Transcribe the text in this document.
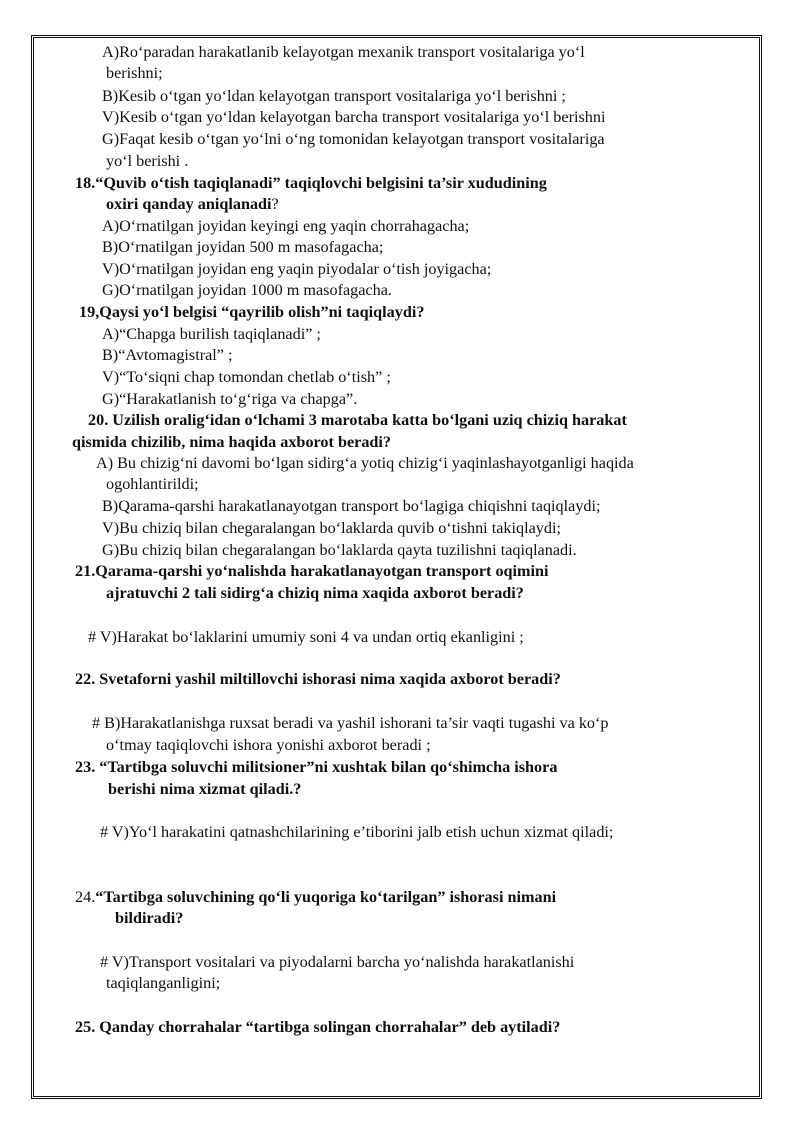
A)Ro‘paradan harakatlanib kelayotgan mexanik transport vositalariga yo‘l
berishni;
B)Kesib o‘tgan yo‘ldan kelayotgan transport vositalariga yo‘l berishni ;
V)Kesib o‘tgan yo‘ldan kelayotgan barcha transport vositalariga yo‘l berishni
G)Faqat kesib o‘tgan yo‘lni o‘ng tomonidan kelayotgan transport vositalariga
yo‘l berishi .
18.“Quvib o‘tish taqiqlanadi” taqiqlovchi belgisini ta’sir xududining
oxiri qanday aniqlanadi?
A)O‘rnatilgan joyidan keyingi eng yaqin chorrahagacha;
B)O‘rnatilgan joyidan 500 m masofagacha;
V)O‘rnatilgan joyidan eng yaqin piyodalar o‘tish joyigacha;
G)O‘rnatilgan joyidan 1000 m masofagacha.
19,Qaysi yo‘l belgisi “qayrilib olish”ni taqiqlaydi?
A)“Chapga burilish taqiqlanadi” ;
B)“Avtomagistral” ;
V)“To‘siqni chap tomondan chetlab o‘tish” ;
G)“Harakatlanish to‘g‘riga va chapga”.
20. Uzilish oralig‘idan o‘lchami 3 marotaba katta bo‘lgani uziq chiziq harakat
qismida chizilib, nima haqida axborot beradi?
A) Bu chizig‘ni davomi bo‘lgan sidirg‘a yotiq chizig‘i yaqinlashayotganligi haqida
ogohlantirildi;
B)Qarama-qarshi harakatlanayotgan transport bo‘lagiga chiqishni taqiqlaydi;
V)Bu chiziq bilan chegaralangan bo‘laklarda quvib o‘tishni takiqlaydi;
G)Bu chiziq bilan chegaralangan bo‘laklarda qayta tuzilishni taqiqlanadi.
21.Qarama-qarshi yo‘nalishda harakatlanayotgan transport oqimini
ajratuvchi 2 tali sidirg‘a chiziq nima xaqida axborot beradi?
# V)Harakat bo‘laklarini umumiy soni 4 va undan ortiq ekanligini ;
22. Svetaforni yashil miltillovchi ishorasi nima xaqida axborot beradi?
# B)Harakatlanishga ruxsat beradi va yashil ishorani ta’sir vaqti tugashi va ko‘p
o‘tmay taqiqlovchi ishora yonishi axborot beradi ;
23. “Tartibga soluvchi militsioner”ni xushtak bilan qo‘shimcha ishora
berishi nima xizmat qiladi.?
# V)Yo‘l harakatini qatnashchilarining e’tiborini jalb etish uchun xizmat qiladi;
24.“Tartibga soluvchining qo‘li yuqoriga ko‘tarilgan” ishorasi nimani
bildiradi?
# V)Transport vositalari va piyodalarni barcha yo‘nalishda harakatlanishi
taqiqlanganligini;
25. Qanday chorrahalar “tartibga solingan chorrahalar” deb aytiladi?
